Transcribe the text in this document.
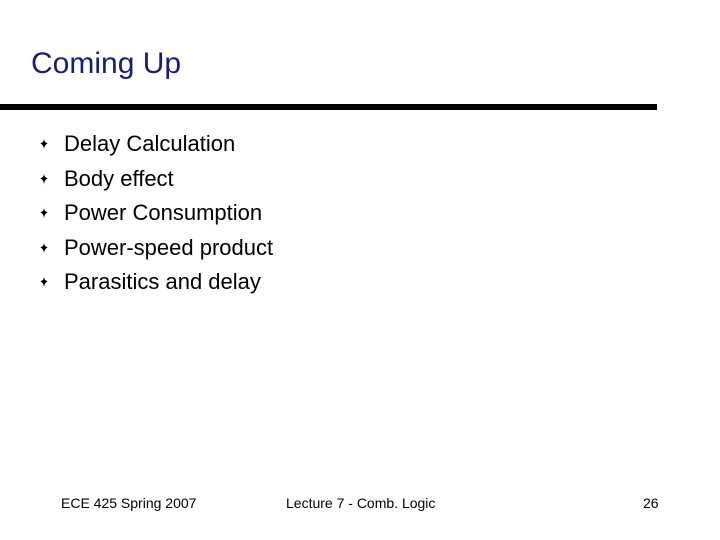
Coming Up
Delay Calculation
Body effect
Power Consumption
Power-speed product
Parasitics and delay
ECE 425 Spring 2007	Lecture 7 - Comb. Logic	26
